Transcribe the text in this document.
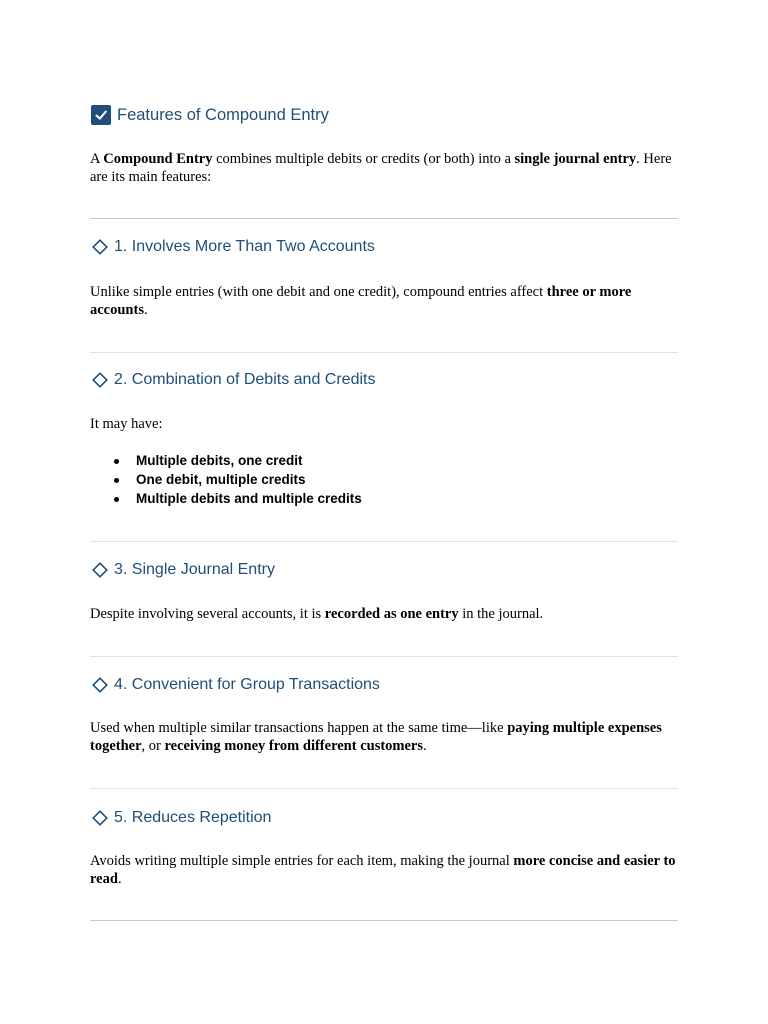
Features of Compound Entry
A Compound Entry combines multiple debits or credits (or both) into a single journal entry. Here are its main features:
1. Involves More Than Two Accounts
Unlike simple entries (with one debit and one credit), compound entries affect three or more accounts.
2. Combination of Debits and Credits
It may have:
Multiple debits, one credit
One debit, multiple credits
Multiple debits and multiple credits
3. Single Journal Entry
Despite involving several accounts, it is recorded as one entry in the journal.
4. Convenient for Group Transactions
Used when multiple similar transactions happen at the same time—like paying multiple expenses together, or receiving money from different customers.
5. Reduces Repetition
Avoids writing multiple simple entries for each item, making the journal more concise and easier to read.
